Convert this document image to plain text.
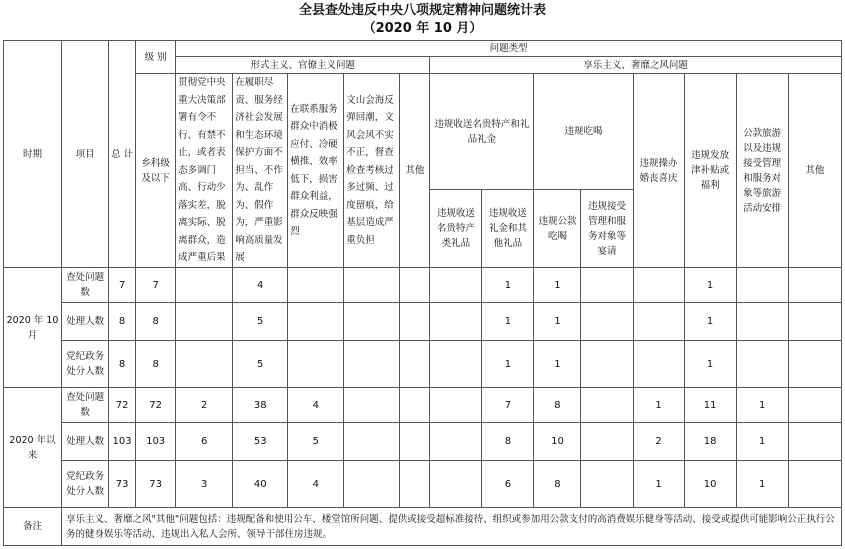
全县查处违反中央八项规定精神问题统计表
（2020 年 10 月）
时期	项目	总 计	级 别	问题类型												
				形式主义、官僚主义问题					享乐主义、奢靡之风问题							
			乡科级及以下	贯彻党中央重大决策部署有令不行、有禁不止，或者表态多调门高、行动少落实差，脱离实际、脱离群众，造成严重后果	在履职尽责、服务经济社会发展和生态环境保护方面不担当、不作为、乱作为、假作为，严重影响高质量发展	在联系服务群众中消极应付、冷硬横推、效率低下，损害群众利益，群众反映强烈	文山会海反弹回潮，文风会风不实不正，督查检查考核过多过频、过度留痕，给基层造成严重负担	其他	违规收送名贵特产和礼品礼金		违规吃喝		违规操办婚丧喜庆	违规发放津补贴或福利	公款旅游以及违规接受管理和服务对象等旅游活动安排	其他
									违规收送名贵特产类礼品	违规收送礼金和其他礼品	违规公款吃喝	违规接受管理和服务对象等宴请				
2020 年 10 月	查处问题数	7	7		4					1	1			1		
	处理人数	8	8		5					1	1			1		
	党纪政务处分人数	8	8		5					1	1			1		
2020 年以来	查处问题数	72	72	2	38	4				7	8		1	11	1	
	处理人数	103	103	6	53	5				8	10		2	18	1	
	党纪政务处分人数	73	73	3	40	4				6	8		1	10	1	
备注	享乐主义、奢靡之风"其他"问题包括：违规配备和使用公车、楼堂馆所问题、提供或接受超标准接待、组织或参加用公款支付的高消费娱乐健身等活动、接受或提供可能影响公正执行公务的健身娱乐等活动、违规出入私人会所、领导干部住房违规。															
